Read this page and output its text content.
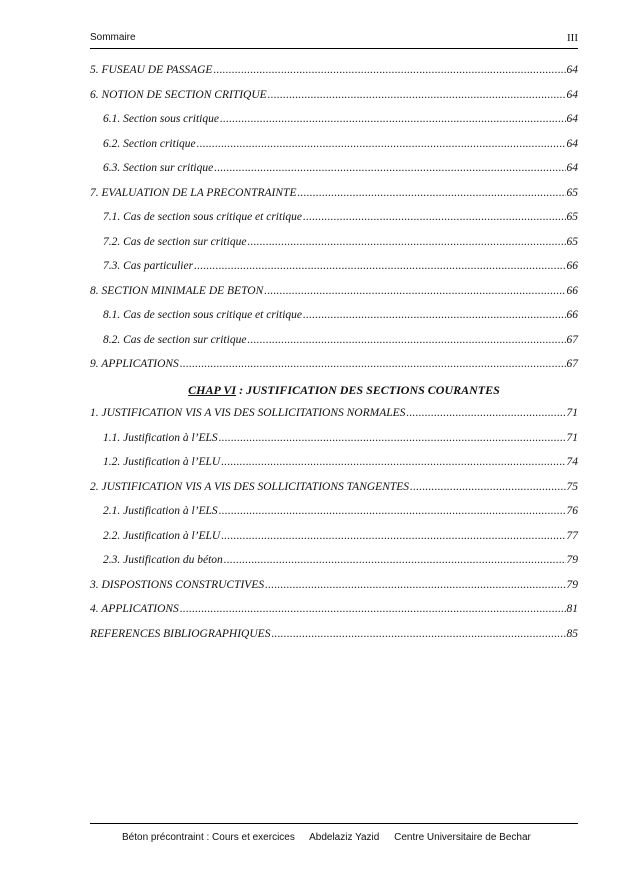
Sommaire	III
5. FUSEAU DE PASSAGE .....	64
6. NOTION DE SECTION CRITIQUE .....	64
6.1. Section sous critique .....	64
6.2. Section critique .....	64
6.3. Section sur critique .....	64
7. EVALUATION DE LA PRECONTRAINTE .....	65
7.1. Cas de section sous critique et critique .....	65
7.2. Cas de section sur critique .....	65
7.3. Cas particulier .....	66
8. SECTION MINIMALE DE BETON .....	66
8.1. Cas de section sous critique et critique .....	66
8.2. Cas de section sur critique .....	67
9. APPLICATIONS .....	67
CHAP VI : JUSTIFICATION DES SECTIONS COURANTES
1. JUSTIFICATION VIS A VIS DES SOLLICITATIONS NORMALES .....	71
1.1. Justification à l’ELS .....	71
1.2. Justification à l’ELU .....	74
2. JUSTIFICATION VIS A VIS DES SOLLICITATIONS TANGENTES .....	75
2.1. Justification à l’ELS .....	76
2.2. Justification à l’ELU .....	77
2.3. Justification du béton .....	79
3. DISPOSTIONS CONSTRUCTIVES .....	79
4. APPLICATIONS .....	81
REFERENCES BIBLIOGRAPHIQUES .....	85
Béton précontraint : Cours et exercices Abdelaziz Yazid Centre Universitaire de Bechar
